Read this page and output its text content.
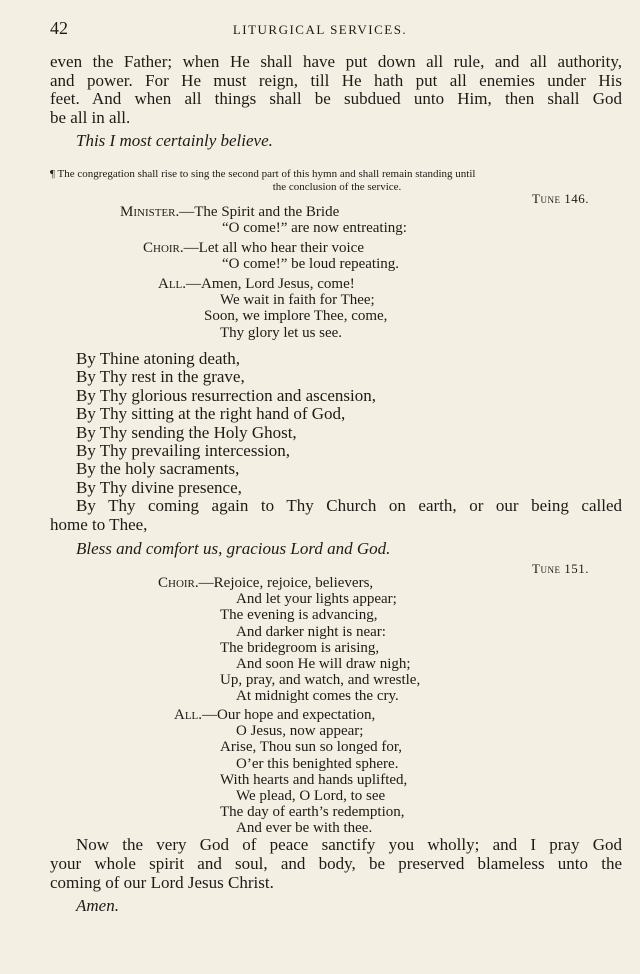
42	LITURGICAL SERVICES.
even the Father; when He shall have put down all rule, and all authority,
and power. For He must reign, till He hath put all enemies under His
feet. And when all things shall be subdued unto Him, then shall God
be all in all.
This I most certainly believe.
¶ The congregation shall rise to sing the second part of this hymn and shall remain standing until
the conclusion of the service.
Tune 146.
Minister.—The Spirit and the Bride
“O come!” are now entreating:
Choir.—Let all who hear their voice
“O come!” be loud repeating.
All.—Amen, Lord Jesus, come!
We wait in faith for Thee;
Soon, we implore Thee, come,
Thy glory let us see.
By Thine atoning death,
By Thy rest in the grave,
By Thy glorious resurrection and ascension,
By Thy sitting at the right hand of God,
By Thy sending the Holy Ghost,
By Thy prevailing intercession,
By the holy sacraments,
By Thy divine presence,
By Thy coming again to Thy Church on earth, or our being called
home to Thee,
Bless and comfort us, gracious Lord and God.
Tune 151.
Choir.—Rejoice, rejoice, believers,
And let your lights appear;
The evening is advancing,
And darker night is near:
The bridegroom is arising,
And soon He will draw nigh;
Up, pray, and watch, and wrestle,
At midnight comes the cry.
All.—Our hope and expectation,
O Jesus, now appear;
Arise, Thou sun so longed for,
O’er this benighted sphere.
With hearts and hands uplifted,
We plead, O Lord, to see
The day of earth’s redemption,
And ever be with thee.
Now the very God of peace sanctify you wholly; and I pray God
your whole spirit and soul, and body, be preserved blameless unto the
coming of our Lord Jesus Christ.
Amen.
